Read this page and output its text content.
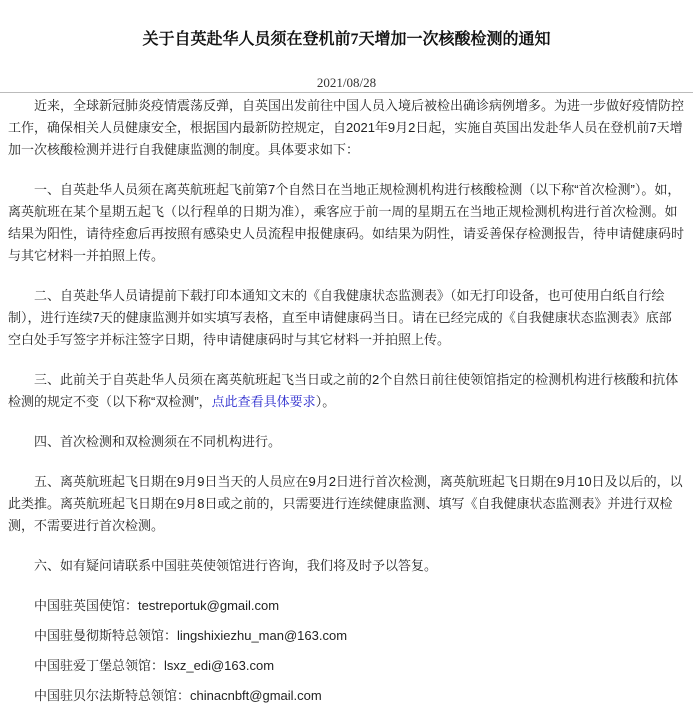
关于自英赴华人员须在登机前7天增加一次核酸检测的通知
2021/08/28

近来，全球新冠肺炎疫情震荡反弹，自英国出发前往中国人员入境后被检出确诊病例增多。为进一步做好疫情防控工作，确保相关人员健康安全，根据国内最新防控规定，自2021年9月2日起，实施自英国出发赴华人员在登机前7天增加一次核酸检测并进行自我健康监测的制度。具体要求如下：

一、自英赴华人员须在离英航班起飞前第7个自然日在当地正规检测机构进行核酸检测（以下称“首次检测”）。如，离英航班在某个星期五起飞（以行程单的日期为准），乘客应于前一周的星期五在当地正规检测机构进行首次检测。如结果为阳性，请待痊愈后再按照有感染史人员流程申报健康码。如结果为阴性，请妥善保存检测报告，待申请健康码时与其它材料一并拍照上传。

二、自英赴华人员请提前下载打印本通知文末的《自我健康状态监测表》（如无打印设备，也可使用白纸自行绘制），进行连续7天的健康监测并如实填写表格，直至申请健康码当日。请在已经完成的《自我健康状态监测表》底部空白处手写签字并标注签字日期，待申请健康码时与其它材料一并拍照上传。

三、此前关于自英赴华人员须在离英航班起飞当日或之前的2个自然日前往使领馆指定的检测机构进行核酸和抗体检测的规定不变（以下称“双检测”，点此查看具体要求）。

四、首次检测和双检测须在不同机构进行。

五、离英航班起飞日期在9月9日当天的人员应在9月2日进行首次检测，离英航班起飞日期在9月10日及以后的，以此类推。离英航班起飞日期在9月8日或之前的，只需要进行连续健康监测、填写《自我健康状态监测表》并进行双检测，不需要进行首次检测。

六、如有疑问请联系中国驻英使领馆进行咨询，我们将及时予以答复。

中国驻英国使馆：testreportuk@gmail.com

中国驻曼彻斯特总领馆：lingshixiezhu_man@163.com

中国驻爱丁堡总领馆：lsxz_edi@163.com

中国驻贝尔法斯特总领馆：chinacnbft@gmail.com
